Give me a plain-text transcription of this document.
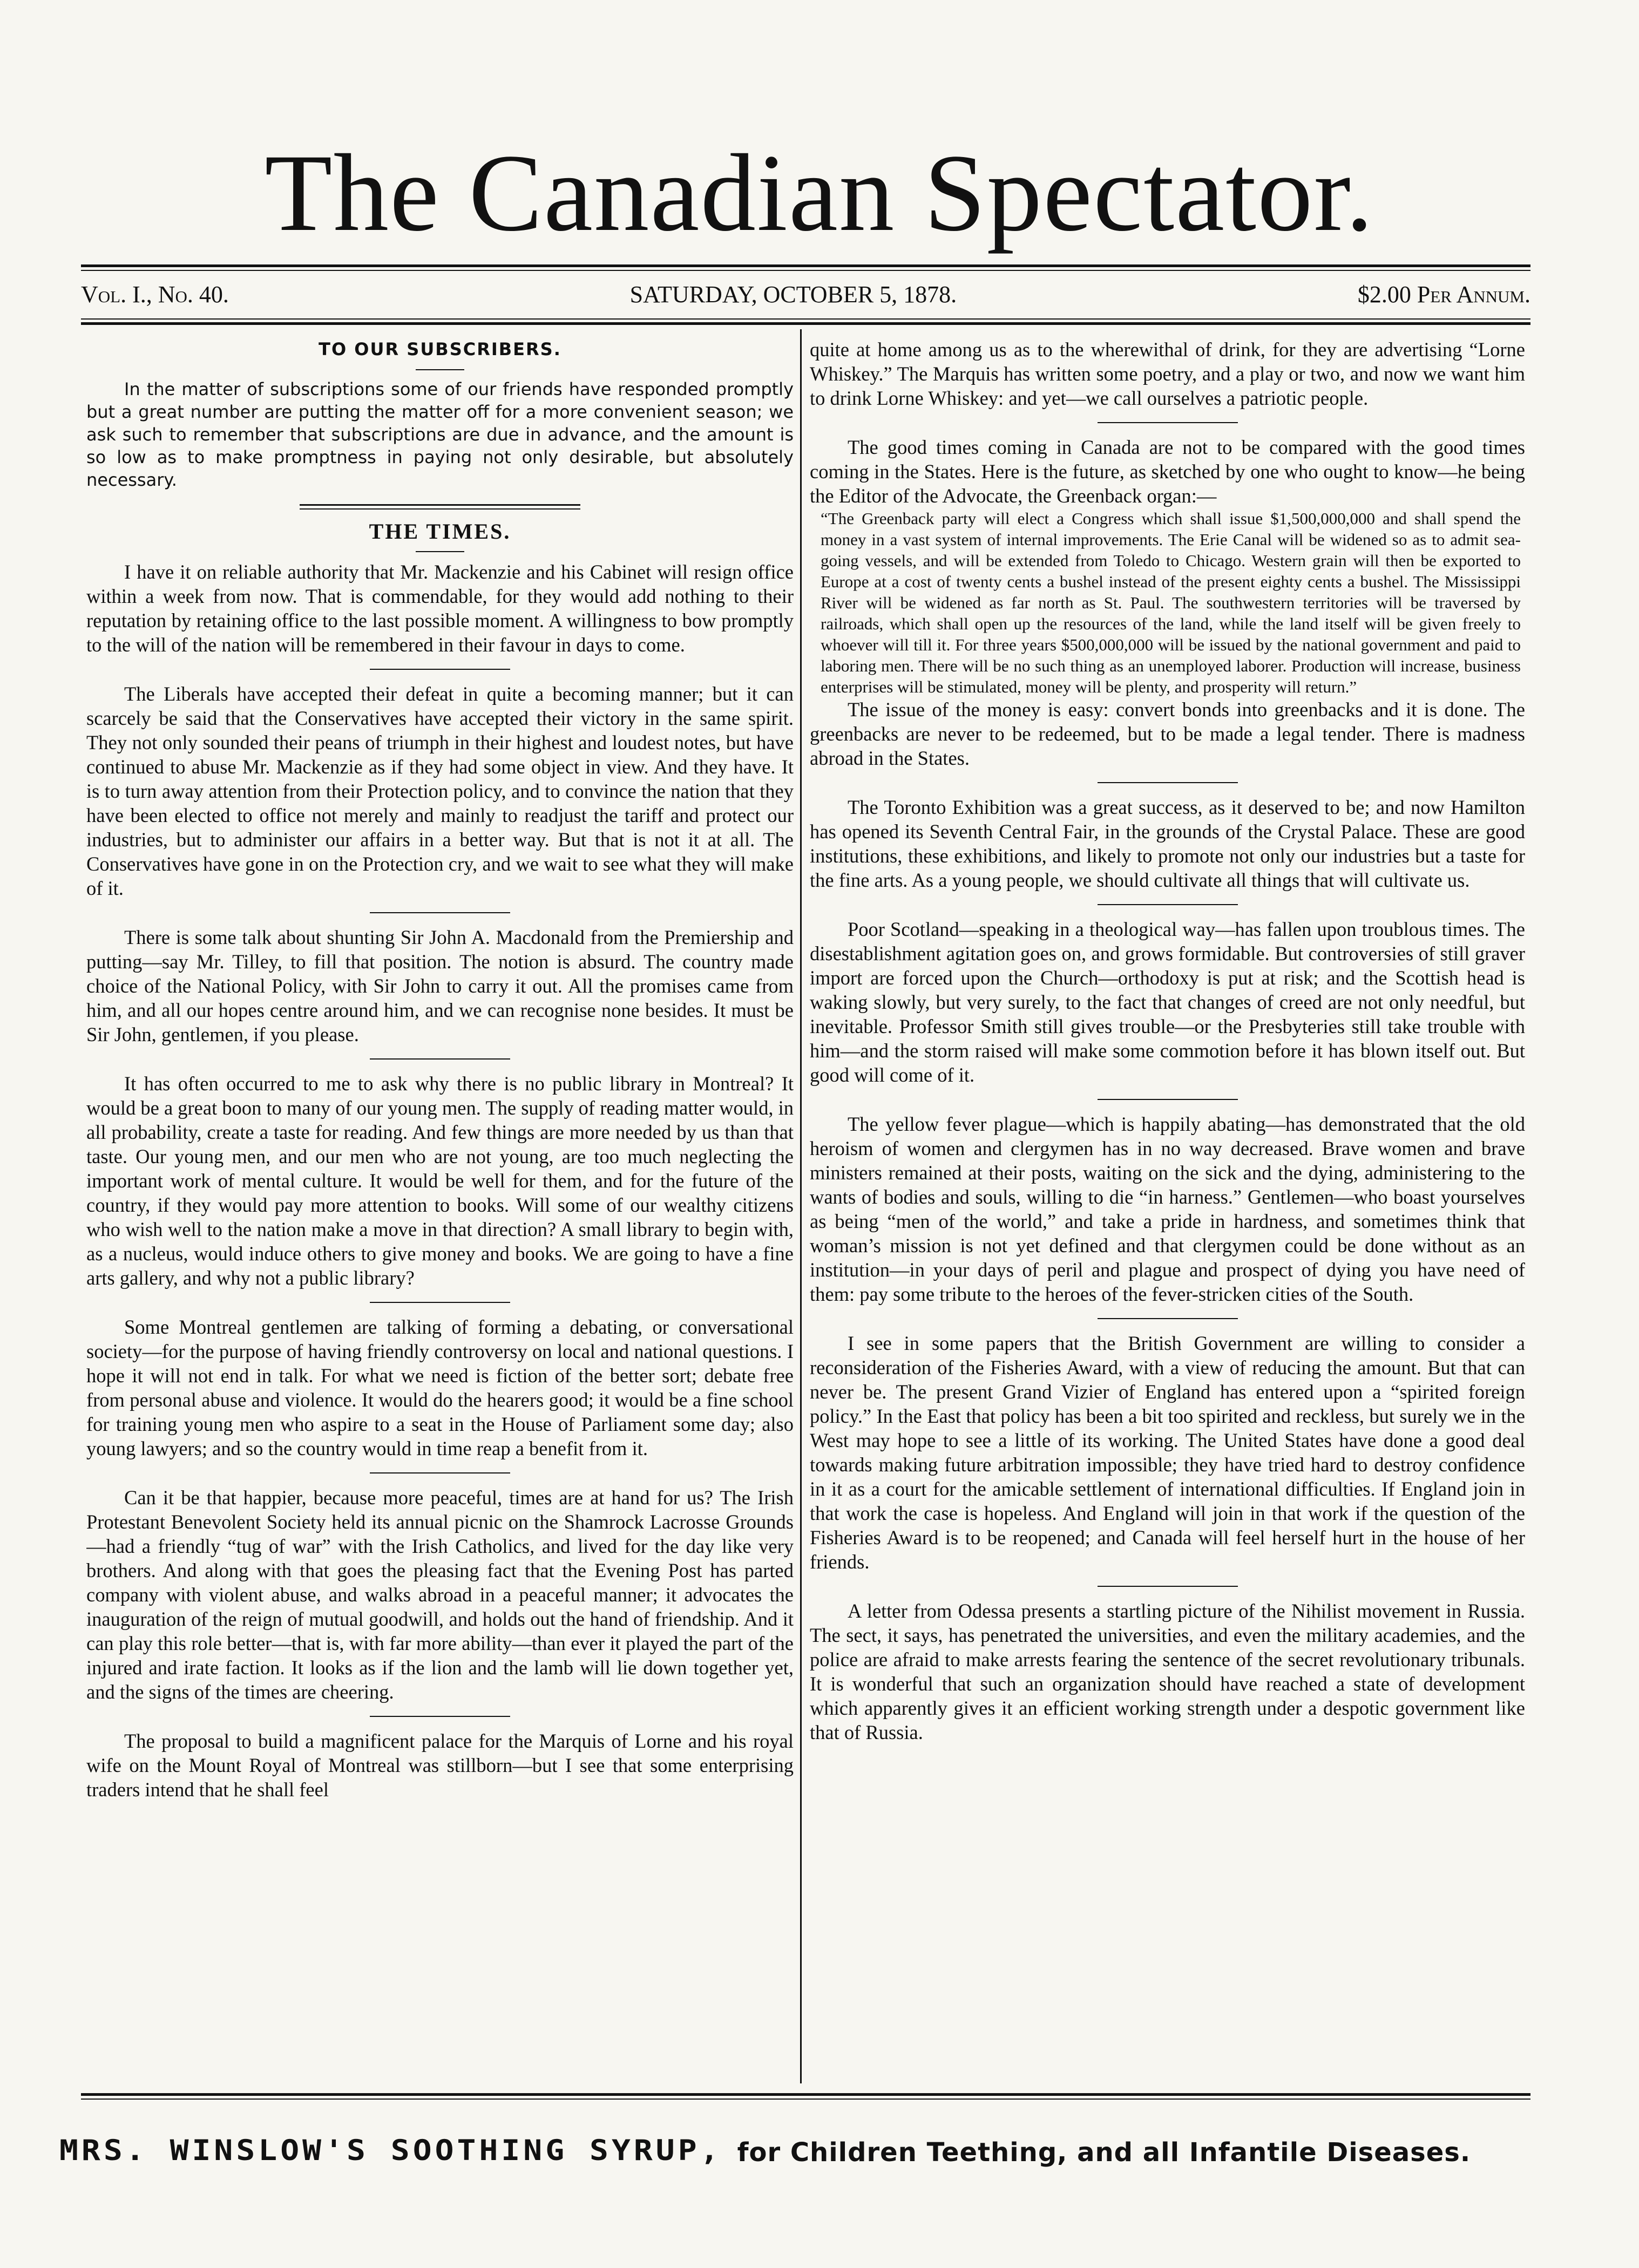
The Canadian Spectator.
Vol. I., No. 40.	SATURDAY, OCTOBER 5, 1878.	$2.00 Per Annum.
TO OUR SUBSCRIBERS.

In the matter of subscriptions some of our friends have responded promptly but a great number are putting the matter off for a more convenient season; we ask such to remember that subscriptions are due in advance, and the amount is so low as to make promptness in paying not only desirable, but absolutely necessary.

THE TIMES.

I have it on reliable authority that Mr. Mackenzie and his Cabinet will resign office within a week from now. That is commendable, for they would add nothing to their reputation by retaining office to the last possible moment. A willingness to bow promptly to the will of the nation will be remembered in their favour in days to come.

The Liberals have accepted their defeat in quite a becoming manner; but it can scarcely be said that the Conservatives have accepted their victory in the same spirit. They not only sounded their peans of triumph in their highest and loudest notes, but have continued to abuse Mr. Mackenzie as if they had some object in view. And they have. It is to turn away attention from their Protection policy, and to convince the nation that they have been elected to office not merely and mainly to readjust the tariff and protect our industries, but to administer our affairs in a better way. But that is not it at all. The Conservatives have gone in on the Protection cry, and we wait to see what they will make of it.

There is some talk about shunting Sir John A. Macdonald from the Premiership and putting—say Mr. Tilley, to fill that position. The notion is absurd. The country made choice of the National Policy, with Sir John to carry it out. All the promises came from him, and all our hopes centre around him, and we can recognise none besides. It must be Sir John, gentlemen, if you please.

It has often occurred to me to ask why there is no public library in Montreal? It would be a great boon to many of our young men. The supply of reading matter would, in all probability, create a taste for reading. And few things are more needed by us than that taste. Our young men, and our men who are not young, are too much neglecting the important work of mental culture. It would be well for them, and for the future of the country, if they would pay more attention to books. Will some of our wealthy citizens who wish well to the nation make a move in that direction? A small library to begin with, as a nucleus, would induce others to give money and books. We are going to have a fine arts gallery, and why not a public library?

Some Montreal gentlemen are talking of forming a debating, or conversational society—for the purpose of having friendly controversy on local and national questions. I hope it will not end in talk. For what we need is fiction of the better sort; debate free from personal abuse and violence. It would do the hearers good; it would be a fine school for training young men who aspire to a seat in the House of Parliament some day; also young lawyers; and so the country would in time reap a benefit from it.

Can it be that happier, because more peaceful, times are at hand for us? The Irish Protestant Benevolent Society held its annual picnic on the Shamrock Lacrosse Grounds—had a friendly “tug of war” with the Irish Catholics, and lived for the day like very brothers. And along with that goes the pleasing fact that the Evening Post has parted company with violent abuse, and walks abroad in a peaceful manner; it advocates the inauguration of the reign of mutual goodwill, and holds out the hand of friendship. And it can play this role better—that is, with far more ability—than ever it played the part of the injured and irate faction. It looks as if the lion and the lamb will lie down together yet, and the signs of the times are cheering.

The proposal to build a magnificent palace for the Marquis of Lorne and his royal wife on the Mount Royal of Montreal was stillborn—but I see that some enterprising traders intend that he shall feel

quite at home among us as to the wherewithal of drink, for they are advertising “Lorne Whiskey.” The Marquis has written some poetry, and a play or two, and now we want him to drink Lorne Whiskey: and yet—we call ourselves a patriotic people.

The good times coming in Canada are not to be compared with the good times coming in the States. Here is the future, as sketched by one who ought to know—he being the Editor of the Advocate, the Greenback organ:—

“The Greenback party will elect a Congress which shall issue $1,500,000,000 and shall spend the money in a vast system of internal improvements. The Erie Canal will be widened so as to admit sea-going vessels, and will be extended from Toledo to Chicago. Western grain will then be exported to Europe at a cost of twenty cents a bushel instead of the present eighty cents a bushel. The Mississippi River will be widened as far north as St. Paul. The southwestern territories will be traversed by railroads, which shall open up the resources of the land, while the land itself will be given freely to whoever will till it. For three years $500,000,000 will be issued by the national government and paid to laboring men. There will be no such thing as an unemployed laborer. Production will increase, business enterprises will be stimulated, money will be plenty, and prosperity will return.”

The issue of the money is easy: convert bonds into greenbacks and it is done. The greenbacks are never to be redeemed, but to be made a legal tender. There is madness abroad in the States.

The Toronto Exhibition was a great success, as it deserved to be; and now Hamilton has opened its Seventh Central Fair, in the grounds of the Crystal Palace. These are good institutions, these exhibitions, and likely to promote not only our industries but a taste for the fine arts. As a young people, we should cultivate all things that will cultivate us.

Poor Scotland—speaking in a theological way—has fallen upon troublous times. The disestablishment agitation goes on, and grows formidable. But controversies of still graver import are forced upon the Church—orthodoxy is put at risk; and the Scottish head is waking slowly, but very surely, to the fact that changes of creed are not only needful, but inevitable. Professor Smith still gives trouble—or the Presbyteries still take trouble with him—and the storm raised will make some commotion before it has blown itself out. But good will come of it.

The yellow fever plague—which is happily abating—has demonstrated that the old heroism of women and clergymen has in no way decreased. Brave women and brave ministers remained at their posts, waiting on the sick and the dying, administering to the wants of bodies and souls, willing to die “in harness.” Gentlemen—who boast yourselves as being “men of the world,” and take a pride in hardness, and sometimes think that woman’s mission is not yet defined and that clergymen could be done without as an institution—in your days of peril and plague and prospect of dying you have need of them: pay some tribute to the heroes of the fever-stricken cities of the South.

I see in some papers that the British Government are willing to consider a reconsideration of the Fisheries Award, with a view of reducing the amount. But that can never be. The present Grand Vizier of England has entered upon a “spirited foreign policy.” In the East that policy has been a bit too spirited and reckless, but surely we in the West may hope to see a little of its working. The United States have done a good deal towards making future arbitration impossible; they have tried hard to destroy confidence in it as a court for the amicable settlement of international difficulties. If England join in that work the case is hopeless. And England will join in that work if the question of the Fisheries Award is to be reopened; and Canada will feel herself hurt in the house of her friends.

A letter from Odessa presents a startling picture of the Nihilist movement in Russia. The sect, it says, has penetrated the universities, and even the military academies, and the police are afraid to make arrests fearing the sentence of the secret revolutionary tribunals. It is wonderful that such an organization should have reached a state of development which apparently gives it an efficient working strength under a despotic government like that of Russia.

MRS. WINSLOW'S SOOTHING SYRUP, for Children Teething, and all Infantile Diseases.
